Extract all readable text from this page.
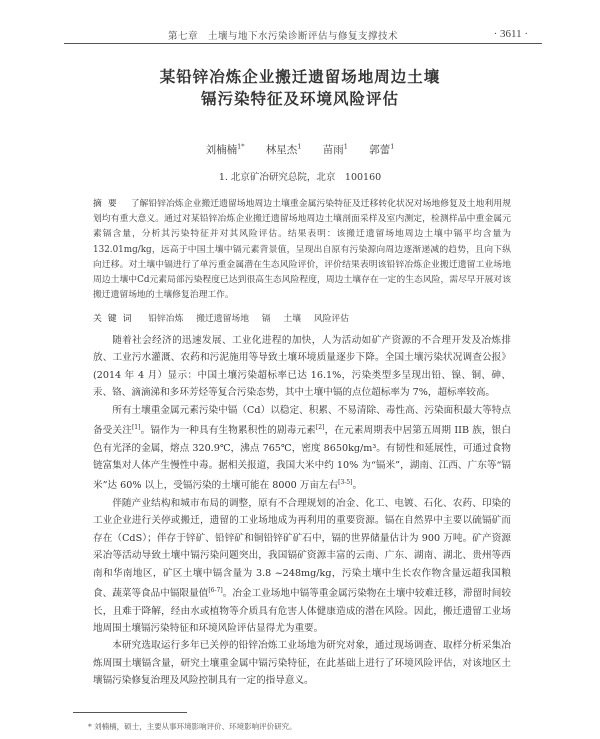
第七章　土壤与地下水污染诊断评估与修复支撑技术	· 3611 ·
某铅锌冶炼企业搬迁遗留场地周边土壤
镉污染特征及环境风险评估
刘楠楠$^{1*}$ 林星杰$^1$ 苗雨$^1$ 郭蕾$^1$
1. 北京矿冶研究总院，北京　100160
摘要 了解铅锌冶炼企业搬迁遗留场地周边土壤重金属污染特征及迁移转化状况对场地修复及土地利用规划均有重大意义。通过对某铅锌冶炼企业搬迁遗留场地周边土壤剖面采样及室内测定，检测样品中重金属元素镉含量，分析其污染特征并对其风险评估。结果表明：该搬迁遗留场地周边土壤中镉平均含量为132.01mg/kg，远高于中国土壤中镉元素背景值，呈现出自原有污染源向周边逐渐递减的趋势，且向下纵向迁移。对土壤中镉进行了单污重金属潜在生态风险评价，评价结果表明该铅锌冶炼企业搬迁遗留工业场地周边土壤中Cd元素局部污染程度已达到很高生态风险程度，周边土壤存在一定的生态风险，需尽早开展对该搬迁遗留场地的土壤修复治理工作。
关键词 铅锌冶炼 搬迁遗留场地 镉 土壤 风险评估

随着社会经济的迅速发展、工业化进程的加快，人为活动如矿产资源的不合理开发及冶炼排放、工业污水灌溉、农药和污泥施用等导致土壤环境质量逐步下降。全国土壤污染状况调查公报》(2014 年 4 月）显示：中国土壤污染超标率已达 16.1%，污染类型多呈现出铅、镍、铜、砷、汞、铬、滴滴涕和多环芳烃等复合污染态势，其中土壤中镉的点位超标率为 7%，超标率较高。

所有土壤重金属元素污染中镉（Cd）以稳定、积累、不易清除、毒性高、污染面积最大等特点备受关注[1]。镉作为一种具有生物累积性的剧毒元素[2]，在元素周期表中居第五周期 IIB 族，银白色有光泽的金属，熔点 320.9℃，沸点 765℃，密度 8650kg/m³。有韧性和延展性，可通过食物链富集对人体产生慢性中毒。据相关报道，我国大米中约 10% 为“镉米”，湖南、江西、广东等“镉米”达 60% 以上，受镉污染的土壤可能在 8000 万亩左右[3-5]。

伴随产业结构和城市布局的调整，原有不合理规划的冶金、化工、电镀、石化、农药、印染的工业企业进行关停或搬迁，遗留的工业场地成为再利用的重要资源。镉在自然界中主要以硫镉矿而存在（CdS）；伴存于锌矿、铅锌矿和铜铅锌矿矿石中，镉的世界储量估计为 900 万吨。矿产资源采冶等活动导致土壤中镉污染问题突出，我国镉矿资源丰富的云南、广东、湖南、湖北、贵州等西南和华南地区，矿区土壤中镉含量为 3.8 ~248mg/kg，污染土壤中生长农作物含量远超我国粮食、蔬菜等食品中镉限量值[6-7]。冶金工业场地中镉等重金属污染物在土壤中较难迁移，滞留时间较长，且难于降解，经由水或植物等介质具有危害人体健康造成的潜在风险。因此，搬迁遗留工业场地周围土壤镉污染特征和环境风险评估显得尤为重要。

本研究选取运行多年已关停的铅锌冶炼工业场地为研究对象，通过现场调查、取样分析采集冶炼周围土壤镉含量，研究土壤重金属中镉污染特征，在此基础上进行了环境风险评估，对该地区土壤镉污染修复治理及风险控制具有一定的指导意义。

* 刘楠楠，硕士，主要从事环境影响评价、环境影响评价研究。
